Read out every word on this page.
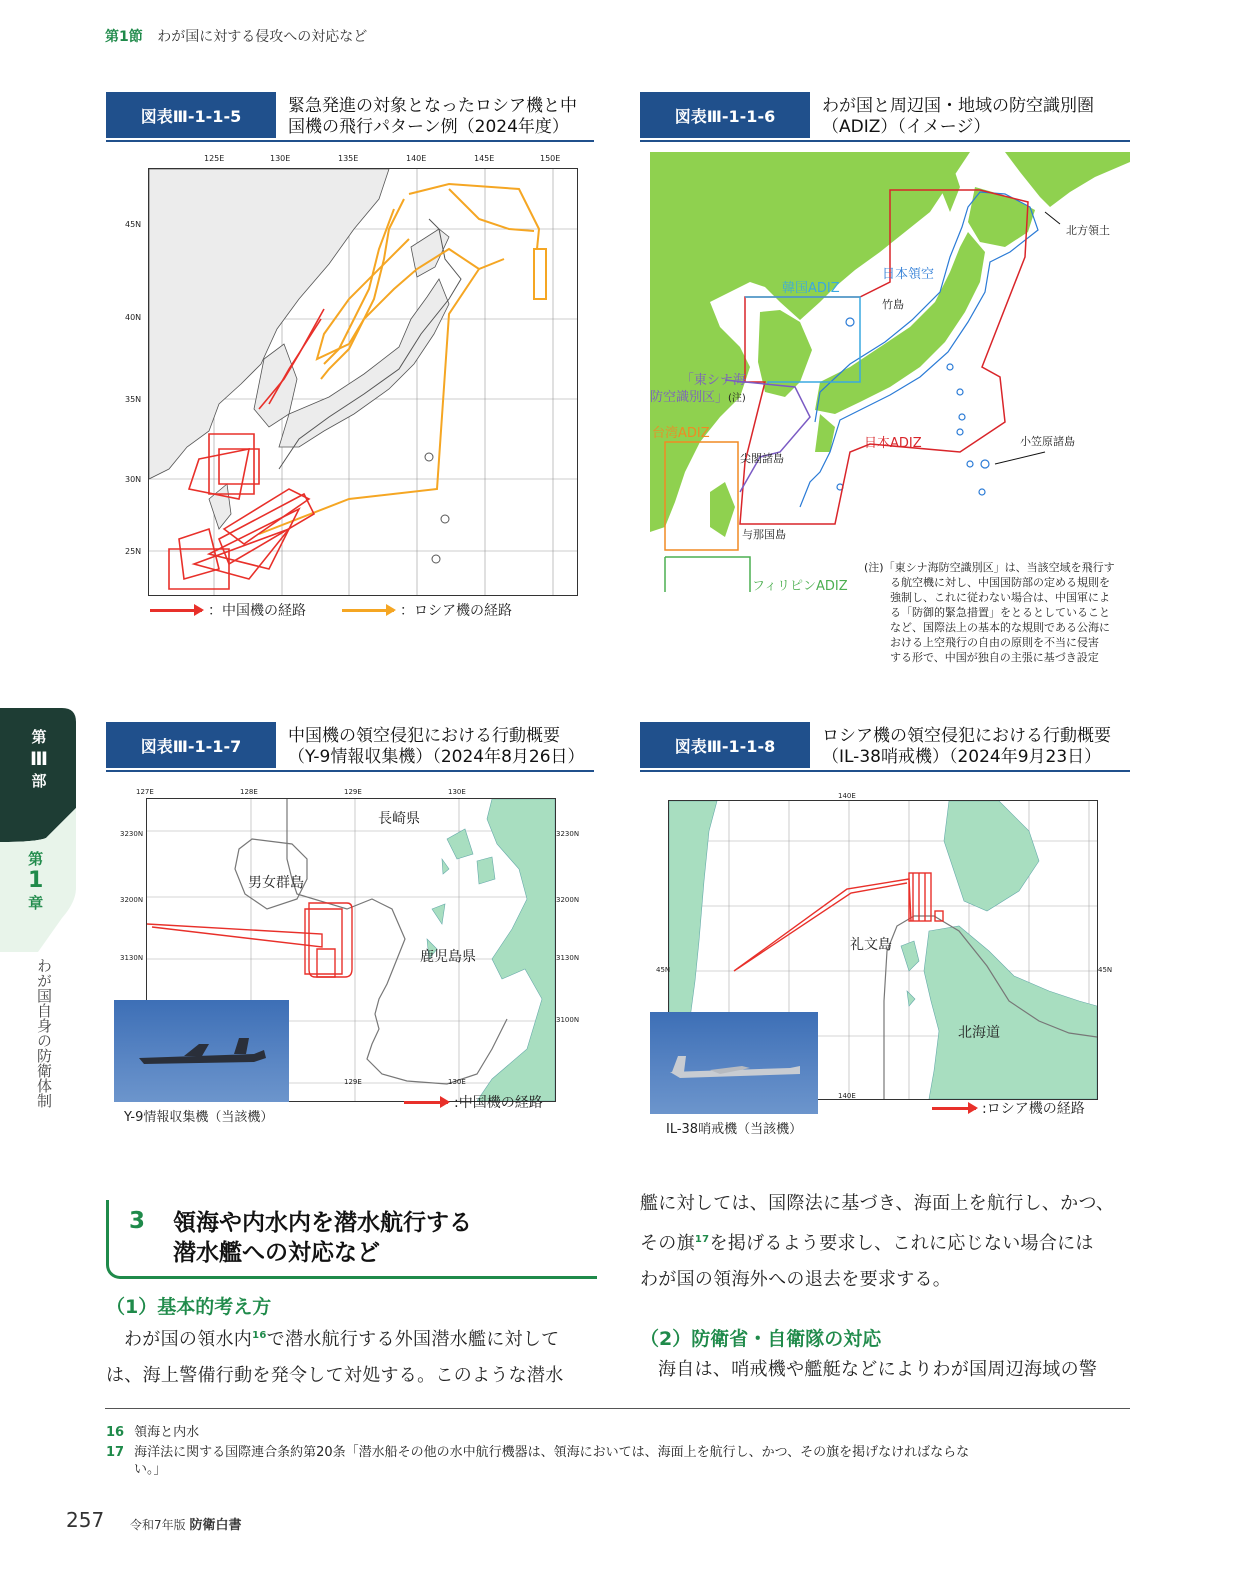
第1節 わが国に対する侵攻への対応など
図表Ⅲ-1-1-5	緊急発進の対象となったロシア機と中
国機の飛行パターン例（2024年度）
125E	130E	135E	140E	145E	150E
45N
40N
35N
30N
25N
：中国機の経路	：ロシア機の経路
図表Ⅲ-1-1-6	わが国と周辺国・地域の防空識別圏
（ADIZ）（イメージ）
北方領土
日本領空
韓国ADIZ
竹島
「東シナ海
防空識別区」(注)
台湾ADIZ
日本ADIZ	小笠原諸島
尖閣諸島
与那国島
フィリピンADIZ
(注)「東シナ海防空識別区」は、当該空域を飛行す
る航空機に対し、中国国防部の定める規則を
強制し、これに従わない場合は、中国軍によ
る「防御的緊急措置」をとるとしていること
など、国際法上の基本的な規則である公海に
おける上空飛行の自由の原則を不当に侵害
する形で、中国が独自の主張に基づき設定
第
Ⅲ
部
第
1
章
わが国自身の防衛体制
図表Ⅲ-1-1-7	中国機の領空侵犯における行動概要
（Y-9情報収集機）（2024年8月26日）
127E	128E	129E	130E
3230N
3200N
3130N
3230N
3200N
3130N
3100N
長崎県
男女群島
鹿児島県
129E	130E
Y-9情報収集機（当該機）
:中国機の経路
図表Ⅲ-1-1-8	ロシア機の領空侵犯における行動概要
（IL-38哨戒機）（2024年9月23日）
140E
45N	45N
礼文島
北海道
140E
IL-38哨戒機（当該機）
:ロシア機の経路
3 領海や内水内を潜水航行する
潜水艦への対応など
（1）基本的考え方
わが国の領水内$^{16}$で潜水航行する外国潜水艦に対して
は、海上警備行動を発令して対処する。このような潜水
艦に対しては、国際法に基づき、海面上を航行し、かつ、
その旗$^{17}$を掲げるよう要求し、これに応じない場合には
わが国の領海外への退去を要求する。
（2）防衛省・自衛隊の対応
海自は、哨戒機や艦艇などによりわが国周辺海域の警
16 領海と内水
17 海洋法に関する国際連合条約第20条「潜水船その他の水中航行機器は、領海においては、海面上を航行し、かつ、その旗を掲げなければならな
い。」
257 令和7年版 防衛白書
